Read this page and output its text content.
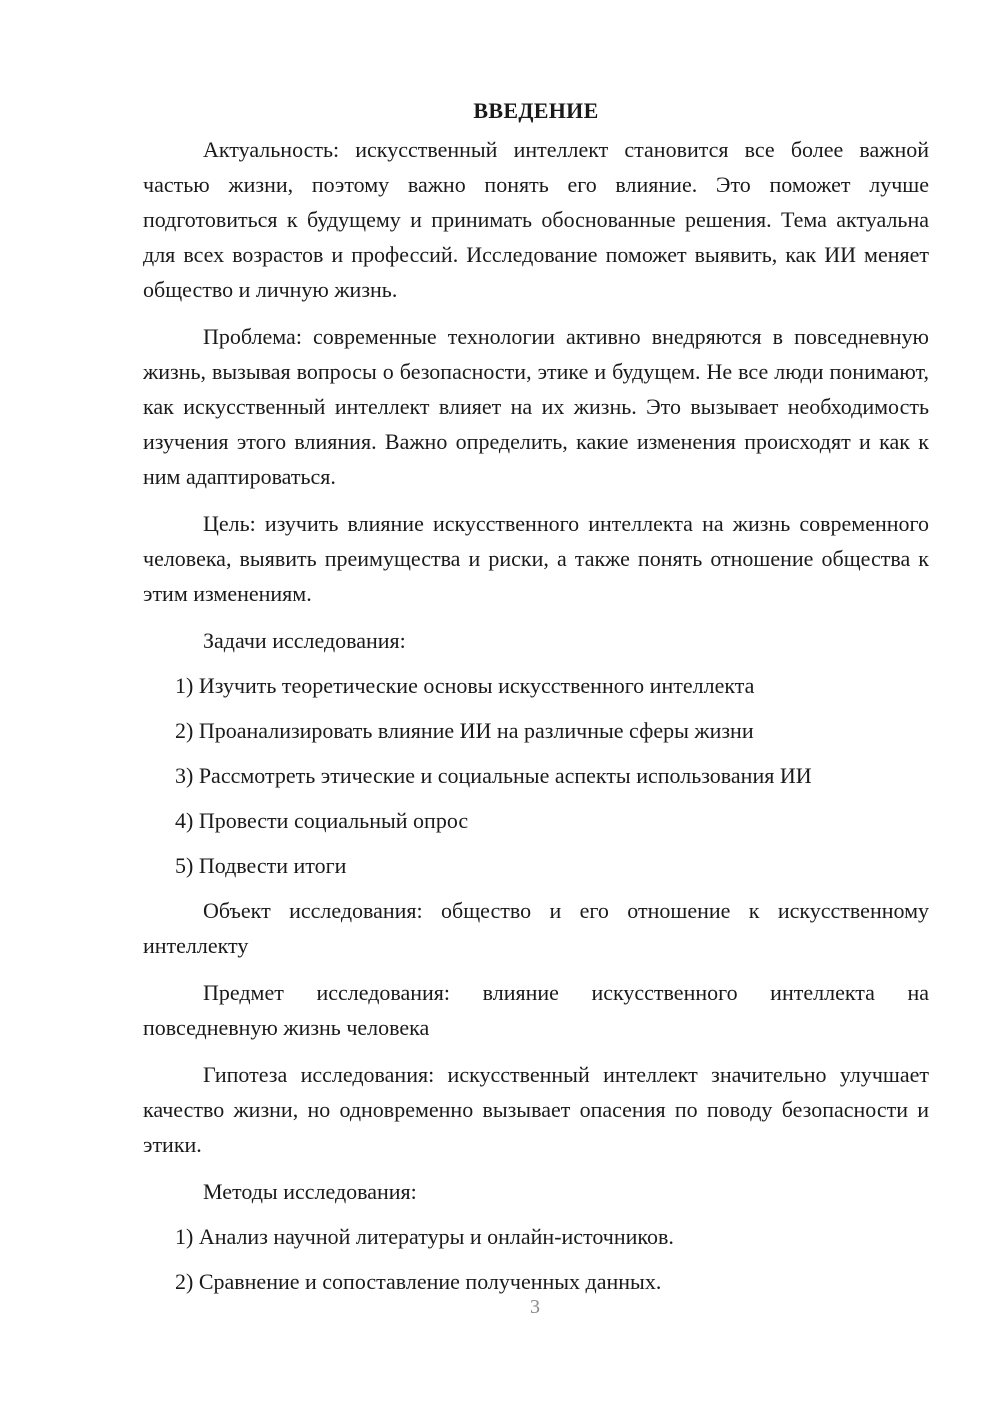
ВВЕДЕНИЕ

Актуальность: искусственный интеллект становится все более важной частью жизни, поэтому важно понять его влияние. Это поможет лучше подготовиться к будущему и принимать обоснованные решения. Тема актуальна для всех возрастов и профессий. Исследование поможет выявить, как ИИ меняет общество и личную жизнь.

Проблема: современные технологии активно внедряются в повседневную жизнь, вызывая вопросы о безопасности, этике и будущем. Не все люди понимают, как искусственный интеллект влияет на их жизнь. Это вызывает необходимость изучения этого влияния. Важно определить, какие изменения происходят и как к ним адаптироваться.

Цель: изучить влияние искусственного интеллекта на жизнь современного человека, выявить преимущества и риски, а также понять отношение общества к этим изменениям.

Задачи исследования:

1) Изучить теоретические основы искусственного интеллекта

2) Проанализировать влияние ИИ на различные сферы жизни

3) Рассмотреть этические и социальные аспекты использования ИИ

4) Провести социальный опрос

5) Подвести итоги

Объект исследования: общество и его отношение к искусственному интеллекту

Предмет исследования: влияние искусственного интеллекта на повседневную жизнь человека

Гипотеза исследования: искусственный интеллект значительно улучшает качество жизни, но одновременно вызывает опасения по поводу безопасности и этики.

Методы исследования:

1) Анализ научной литературы и онлайн-источников.

2) Сравнение и сопоставление полученных данных.

3
